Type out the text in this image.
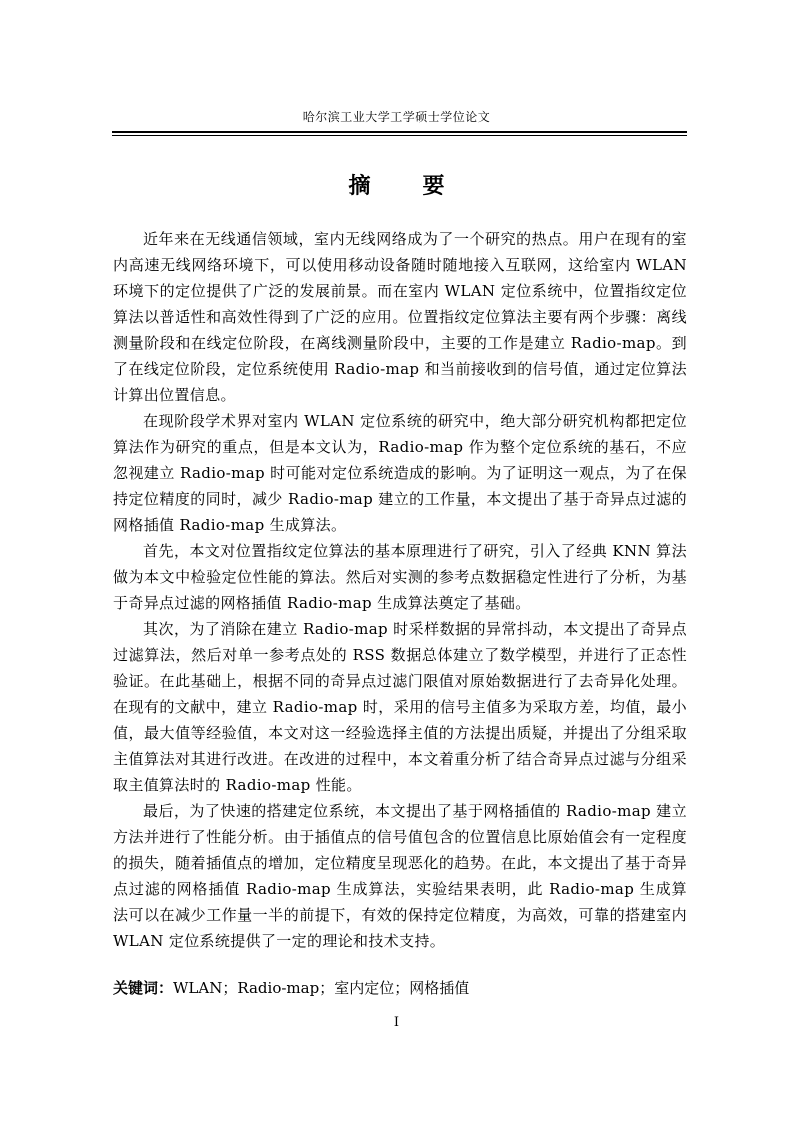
哈尔滨工业大学工学硕士学位论文
摘 要

近年来在无线通信领域，室内无线网络成为了一个研究的热点。用户在现有的室内高速无线网络环境下，可以使用移动设备随时随地接入互联网，这给室内 WLAN 环境下的定位提供了广泛的发展前景。而在室内 WLAN 定位系统中，位置指纹定位算法以普适性和高效性得到了广泛的应用。位置指纹定位算法主要有两个步骤：离线测量阶段和在线定位阶段，在离线测量阶段中，主要的工作是建立 Radio-map。到了在线定位阶段，定位系统使用 Radio-map 和当前接收到的信号值，通过定位算法计算出位置信息。

在现阶段学术界对室内 WLAN 定位系统的研究中，绝大部分研究机构都把定位算法作为研究的重点，但是本文认为，Radio-map 作为整个定位系统的基石，不应忽视建立 Radio-map 时可能对定位系统造成的影响。为了证明这一观点，为了在保持定位精度的同时，减少 Radio-map 建立的工作量，本文提出了基于奇异点过滤的网格插值 Radio-map 生成算法。

首先，本文对位置指纹定位算法的基本原理进行了研究，引入了经典 KNN 算法做为本文中检验定位性能的算法。然后对实测的参考点数据稳定性进行了分析，为基于奇异点过滤的网格插值 Radio-map 生成算法奠定了基础。

其次，为了消除在建立 Radio-map 时采样数据的异常抖动，本文提出了奇异点过滤算法，然后对单一参考点处的 RSS 数据总体建立了数学模型，并进行了正态性验证。在此基础上，根据不同的奇异点过滤门限值对原始数据进行了去奇异化处理。在现有的文献中，建立 Radio-map 时，采用的信号主值多为采取方差，均值，最小值，最大值等经验值，本文对这一经验选择主值的方法提出质疑，并提出了分组采取主值算法对其进行改进。在改进的过程中，本文着重分析了结合奇异点过滤与分组采取主值算法时的 Radio-map 性能。

最后，为了快速的搭建定位系统，本文提出了基于网格插值的 Radio-map 建立方法并进行了性能分析。由于插值点的信号值包含的位置信息比原始值会有一定程度的损失，随着插值点的增加，定位精度呈现恶化的趋势。在此，本文提出了基于奇异点过滤的网格插值 Radio-map 生成算法，实验结果表明，此 Radio-map 生成算法可以在减少工作量一半的前提下，有效的保持定位精度，为高效，可靠的搭建室内 WLAN 定位系统提供了一定的理论和技术支持。

关键词：WLAN；Radio-map；室内定位；网格插值
I
